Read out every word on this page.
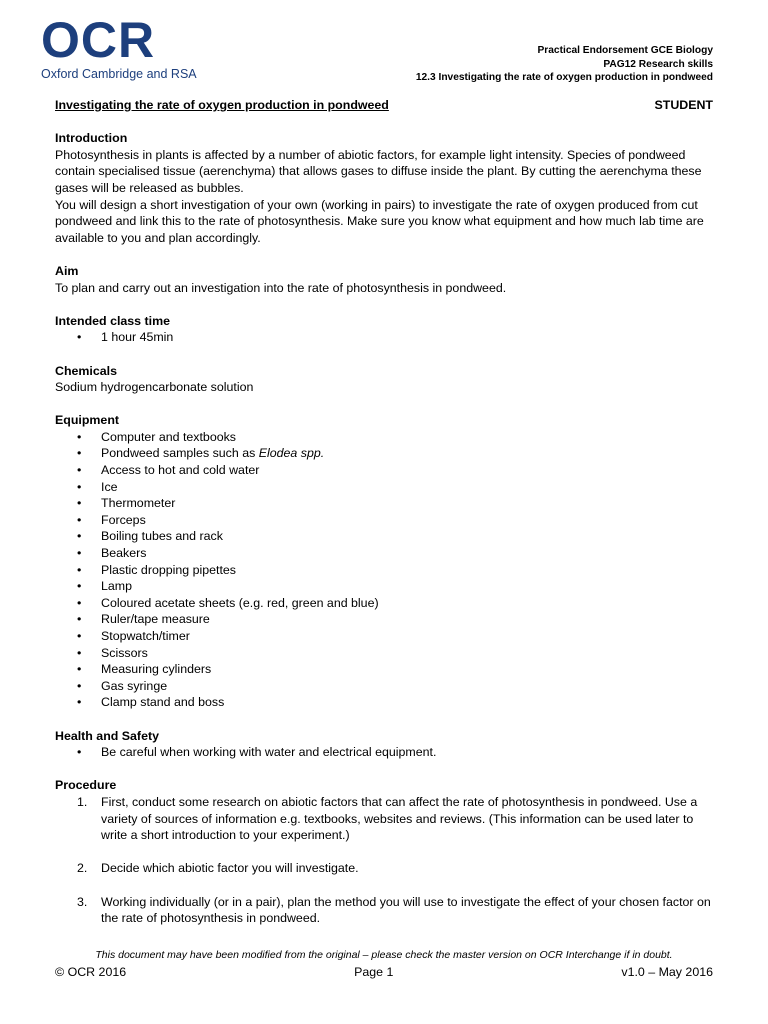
OCR
Oxford Cambridge and RSA
Practical Endorsement GCE Biology
PAG12 Research skills
12.3 Investigating the rate of oxygen production in pondweed
Investigating the rate of oxygen production in pondweed	STUDENT
Introduction

Photosynthesis in plants is affected by a number of abiotic factors, for example light intensity. Species of pondweed contain specialised tissue (aerenchyma) that allows gases to diffuse inside the plant. By cutting the aerenchyma these gases will be released as bubbles.

You will design a short investigation of your own (working in pairs) to investigate the rate of oxygen produced from cut pondweed and link this to the rate of photosynthesis. Make sure you know what equipment and how much lab time are available to you and plan accordingly.

Aim

To plan and carry out an investigation into the rate of photosynthesis in pondweed.

Intended class time
• 1 hour 45min
Chemicals

Sodium hydrogencarbonate solution

Equipment
• Computer and textbooks
• Pondweed samples such as Elodea spp.
• Access to hot and cold water
• Ice
• Thermometer
• Forceps
• Boiling tubes and rack
• Beakers
• Plastic dropping pipettes
• Lamp
• Coloured acetate sheets (e.g. red, green and blue)
• Ruler/tape measure
• Stopwatch/timer
• Scissors
• Measuring cylinders
• Gas syringe
• Clamp stand and boss
Health and Safety
• Be careful when working with water and electrical equipment.
Procedure
1. First, conduct some research on abiotic factors that can affect the rate of photosynthesis in pondweed. Use a variety of sources of information e.g. textbooks, websites and reviews. (This information can be used later to write a short introduction to your experiment.)
2. Decide which abiotic factor you will investigate.
3. Working individually (or in a pair), plan the method you will use to investigate the effect of your chosen factor on the rate of photosynthesis in pondweed.
This document may have been modified from the original – please check the master version on OCR Interchange if in doubt.
© OCR 2016	Page 1	v1.0 – May 2016
